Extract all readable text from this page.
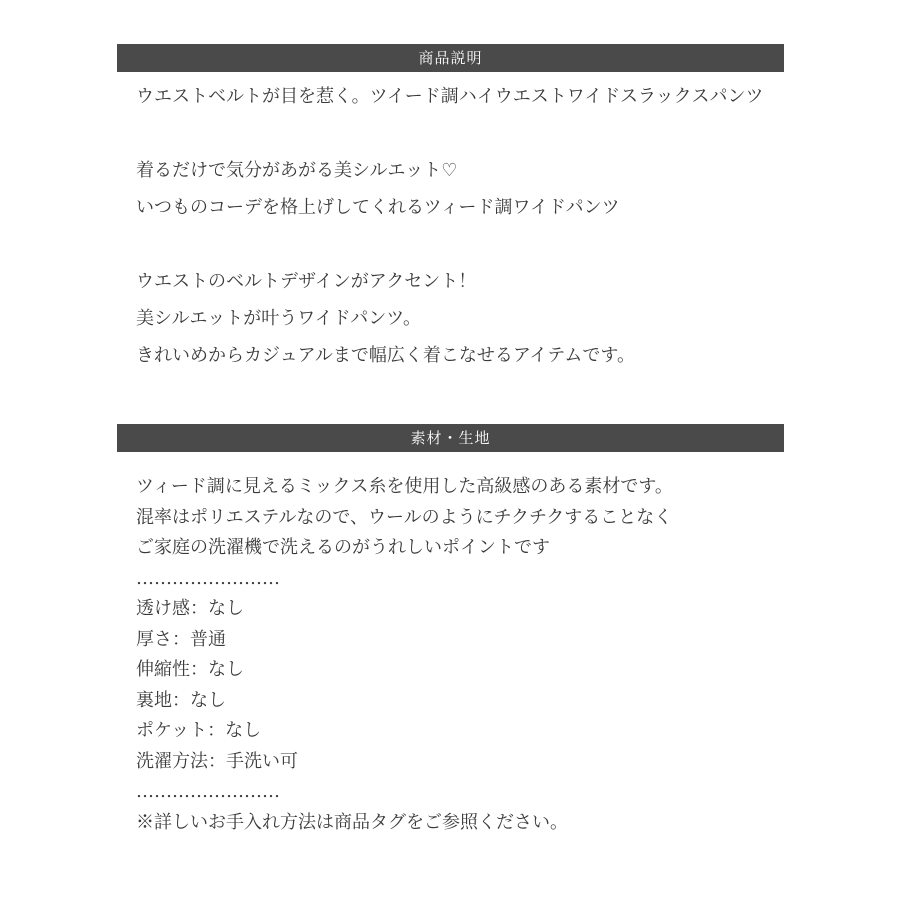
商品説明
ウエストベルトが目を惹く。ツイード調ハイウエストワイドスラックスパンツ
着るだけで気分があがる美シルエット♡
いつものコーデを格上げしてくれるツィード調ワイドパンツ
ウエストのベルトデザインがアクセント！
美シルエットが叶うワイドパンツ。
きれいめからカジュアルまで幅広く着こなせるアイテムです。
素材・生地
ツィード調に見えるミックス糸を使用した高級感のある素材です。
混率はポリエステルなので、ウールのようにチクチクすることなく
ご家庭の洗濯機で洗えるのがうれしいポイントです
……………………
透け感：なし
厚さ：普通
伸縮性：なし
裏地：なし
ポケット：なし
洗濯方法：手洗い可
……………………
※詳しいお手入れ方法は商品タグをご参照ください。
